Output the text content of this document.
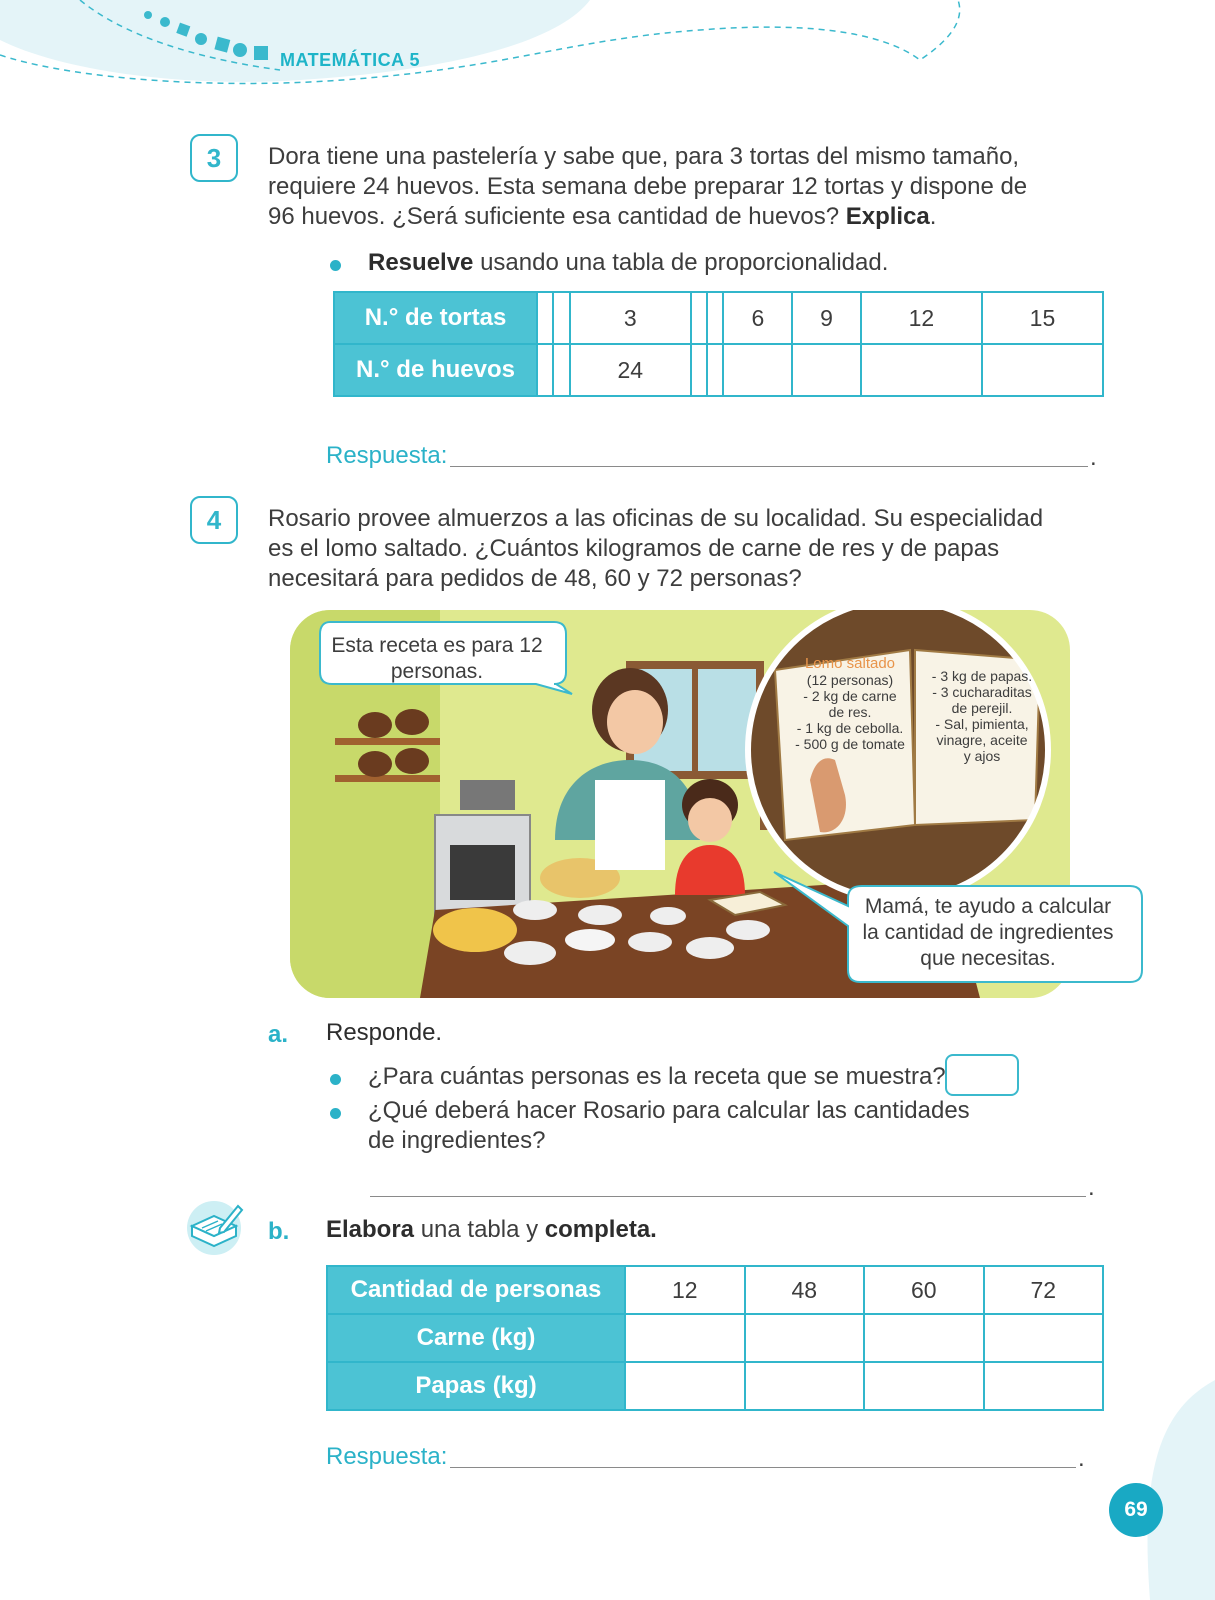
MATEMÁTICA 5
3	Dora tiene una pastelería y sabe que, para 3 tortas del mismo tamaño,
requiere 24 huevos. Esta semana debe preparar 12 tortas y dispone de
96 huevos. ¿Será suficiente esa cantidad de huevos? Explica.
Resuelve usando una tabla de proporcionalidad.
N.° de tortas			3			6	9	12	15
N.° de huevos			24						
Respuesta:	.
4	Rosario provee almuerzos a las oficinas de su localidad. Su especialidad
es el lomo saltado. ¿Cuántos kilogramos de carne de res y de papas
necesitará para pedidos de 48, 60 y 72 personas?
Esta receta es para 12
personas.	Lomo saltado
(12 personas)
- 2 kg de carne
de res.
- 1 kg de cebolla.
- 500 g de tomate
- 3 kg de papas.
- 3 cucharaditas
de perejil.
- Sal, pimienta,
vinagre, aceite
y ajos
Mamá, te ayudo a calcular
la cantidad de ingredientes
que necesitas.
a. Responde.
¿Para cuántas personas es la receta que se muestra?
¿Qué deberá hacer Rosario para calcular las cantidades
de ingredientes?
.
b. Elabora una tabla y completa.
Cantidad de personas	12	48	60	72
Carne (kg)				
Papas (kg)				
Respuesta:	.
69
